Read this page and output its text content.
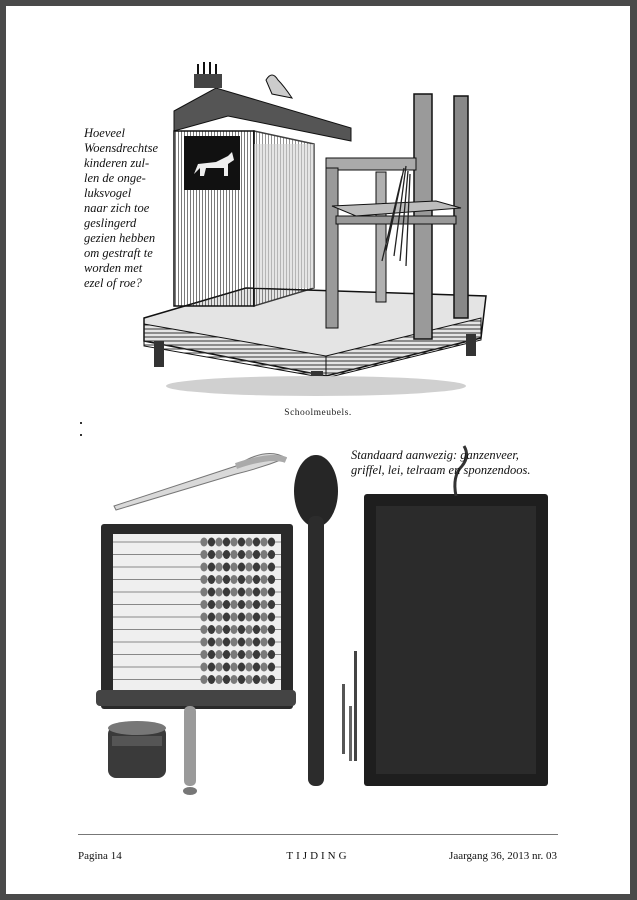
Schoolmeubels.
Hoeveel
Woensdrechtse
kinderen zul-
len de onge-
luksvogel
naar zich toe
geslingerd
gezien hebben
om gestraft te
worden met
ezel of roe?
Standaard aanwezig: ganzenveer,
griffel, lei, telraam en sponzendoos.
Pagina 14	TIJDING	Jaargang 36, 2013 nr. 03
